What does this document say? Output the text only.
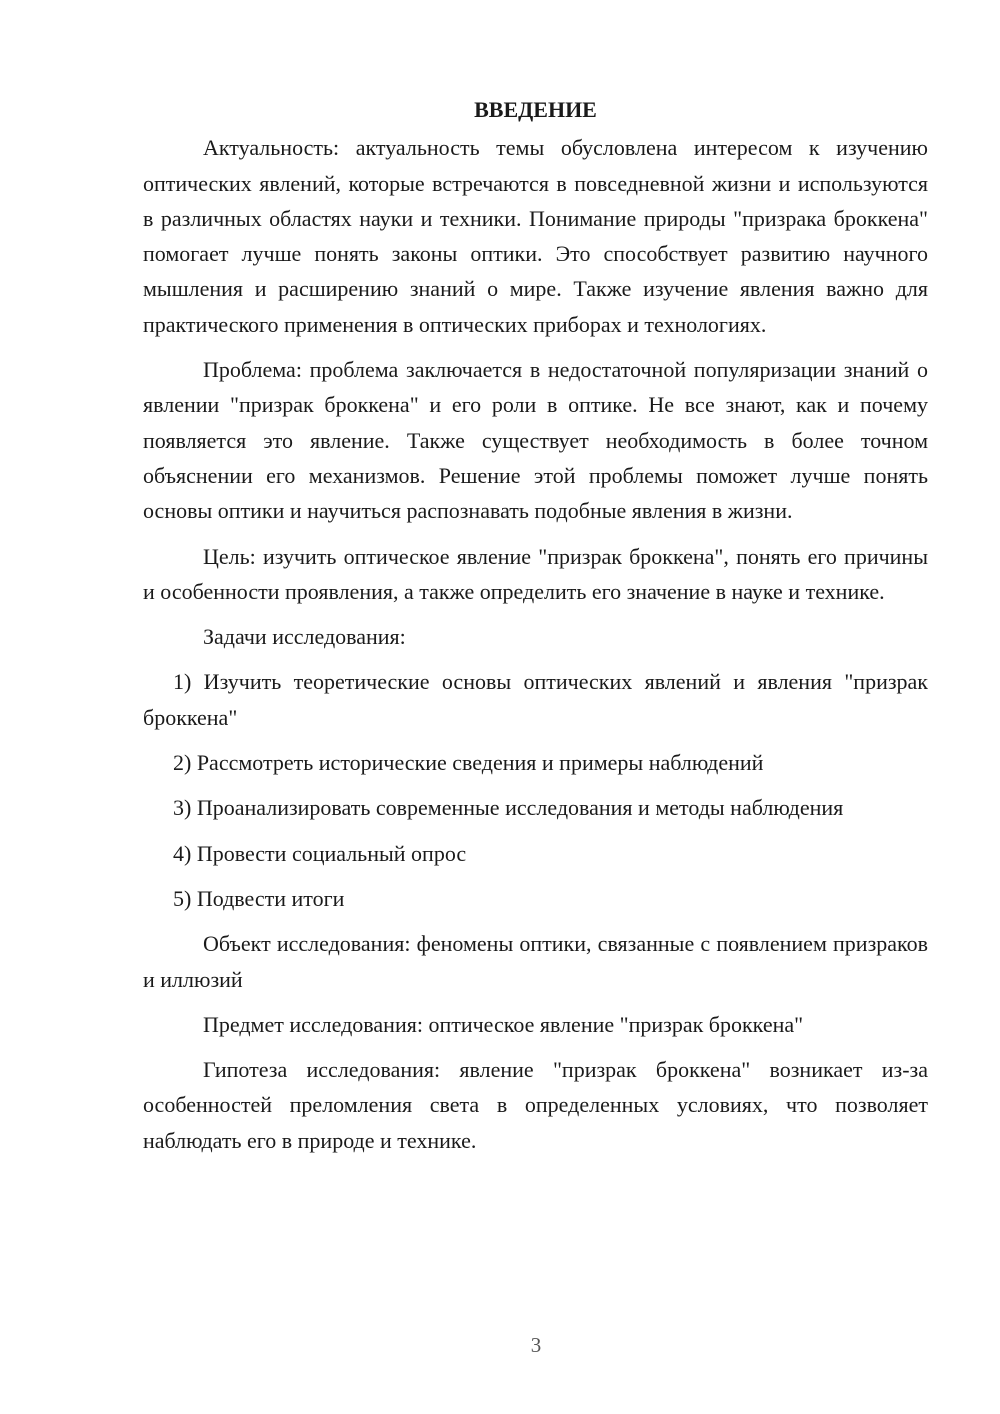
ВВЕДЕНИЕ

Актуальность: актуальность темы обусловлена интересом к изучению оптических явлений, которые встречаются в повседневной жизни и используются в различных областях науки и техники. Понимание природы "призрака броккена" помогает лучше понять законы оптики. Это способствует развитию научного мышления и расширению знаний о мире. Также изучение явления важно для практического применения в оптических приборах и технологиях.

Проблема: проблема заключается в недостаточной популяризации знаний о явлении "призрак броккена" и его роли в оптике. Не все знают, как и почему появляется это явление. Также существует необходимость в более точном объяснении его механизмов. Решение этой проблемы поможет лучше понять основы оптики и научиться распознавать подобные явления в жизни.

Цель: изучить оптическое явление "призрак броккена", понять его причины и особенности проявления, а также определить его значение в науке и технике.

Задачи исследования:

1) Изучить теоретические основы оптических явлений и явления "призрак броккена"

2) Рассмотреть исторические сведения и примеры наблюдений

3) Проанализировать современные исследования и методы наблюдения

4) Провести социальный опрос

5) Подвести итоги

Объект исследования: феномены оптики, связанные с появлением призраков и иллюзий

Предмет исследования: оптическое явление "призрак броккена"

Гипотеза исследования: явление "призрак броккена" возникает из-за особенностей преломления света в определенных условиях, что позволяет наблюдать его в природе и технике.

3
